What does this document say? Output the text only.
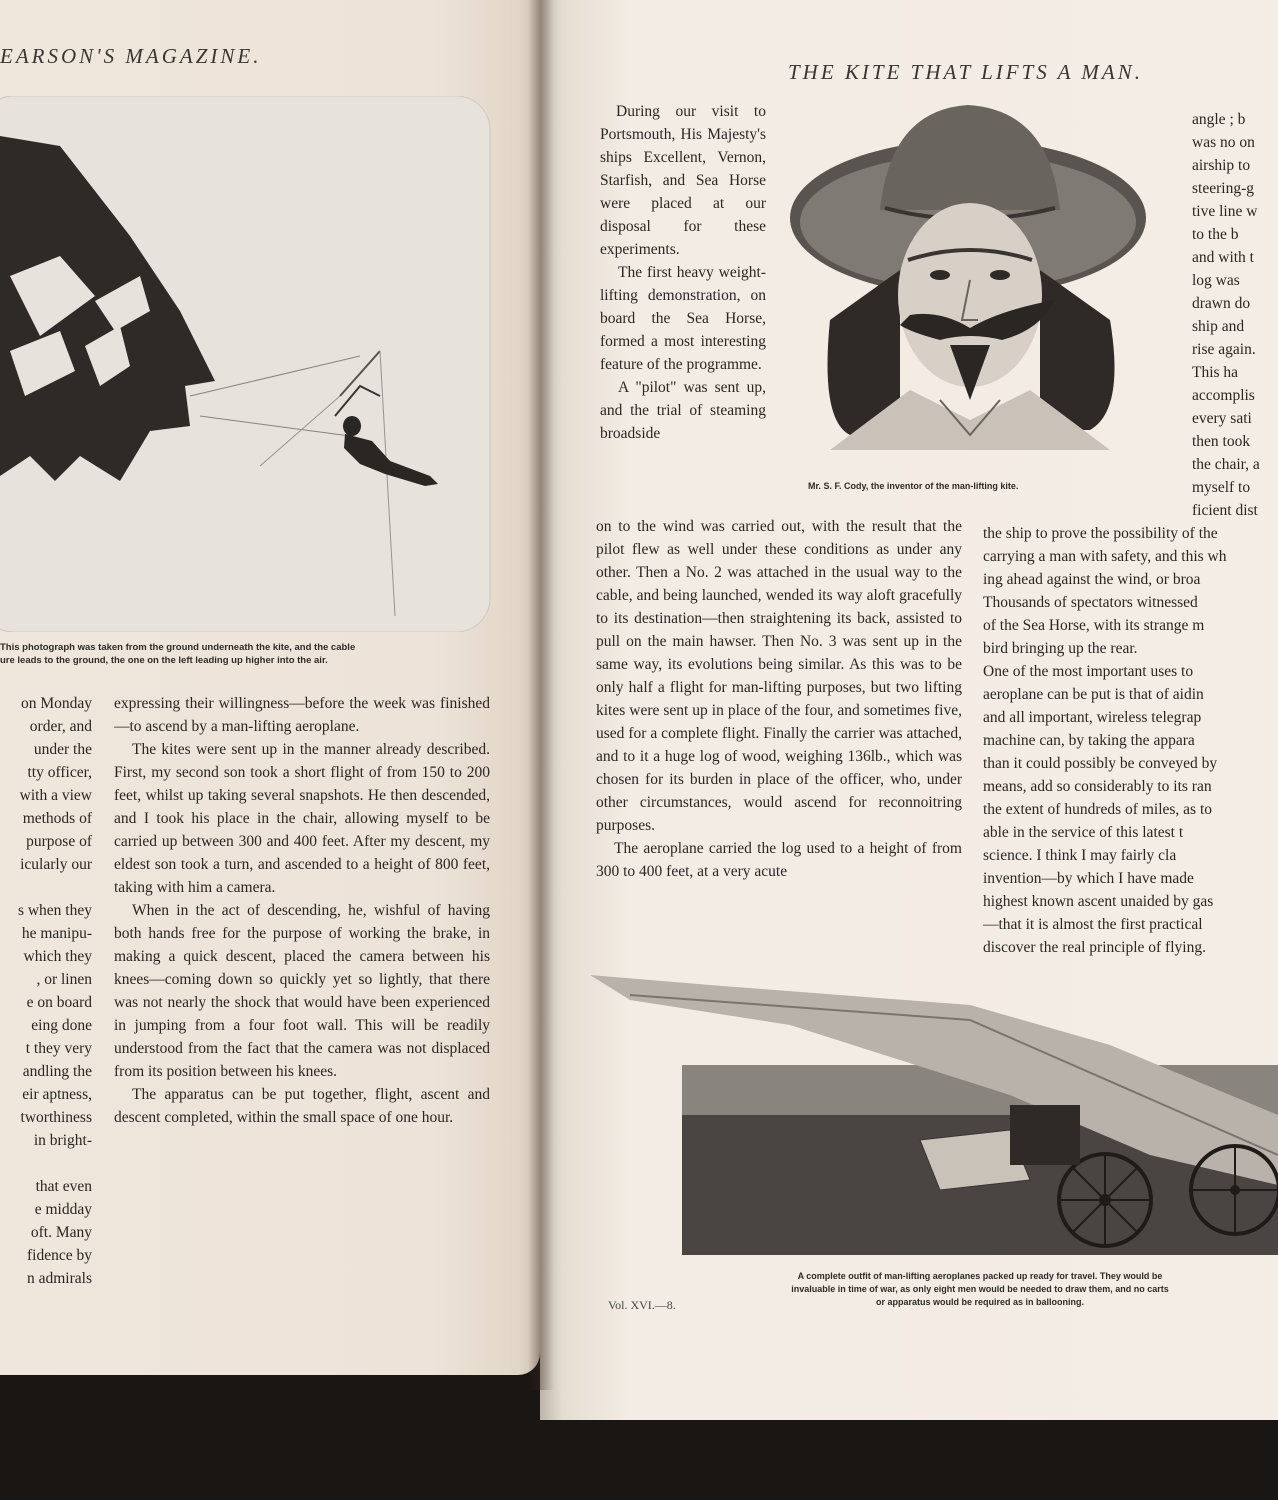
EARSON'S MAGAZINE.
This photograph was taken from the ground underneath the kite, and the cable
ure leads to the ground, the one on the left leading up higher into the air.
on Monday
order, and
under the
tty officer,
with a view
methods of
purpose of
icularly our

s when they
he manipu-
which they
, or linen
e on board
eing done
t they very
andling the
eir aptness,
tworthiness
in bright-

that even
e midday
oft. Many
fidence by
n admirals

expressing their willingness—before the week was finished—to ascend by a man-lifting aeroplane.

The kites were sent up in the manner already described. First, my second son took a short flight of from 150 to 200 feet, whilst up taking several snapshots. He then descended, and I took his place in the chair, allowing myself to be carried up between 300 and 400 feet. After my descent, my eldest son took a turn, and ascended to a height of 800 feet, taking with him a camera.

When in the act of descending, he, wishful of having both hands free for the purpose of working the brake, in making a quick descent, placed the camera between his knees—coming down so quickly yet so lightly, that there was not nearly the shock that would have been experienced in jumping from a four foot wall. This will be readily understood from the fact that the camera was not displaced from its position between his knees.

The apparatus can be put together, flight, ascent and descent completed, within the small space of one hour.

THE KITE THAT LIFTS A MAN.

During our visit to Portsmouth, His Majesty's ships Excellent, Vernon, Starfish, and Sea Horse were placed at our disposal for these experiments.

The first heavy weight-lifting demonstration, on board the Sea Horse, formed a most interesting feature of the programme.

A "pilot" was sent up, and the trial of steaming broadside

Mr. S. F. Cody, the inventor of the man-lifting kite.
angle ; b
was no on
airship to
steering-g
tive line w
to the b
and with t
log was
drawn do
ship and
rise again.
This ha
accomplis
every sati
then took
the chair, a
myself to
ficient dist

on to the wind was carried out, with the result that the pilot flew as well under these conditions as under any other. Then a No. 2 was attached in the usual way to the cable, and being launched, wended its way aloft gracefully to its destination—then straightening its back, assisted to pull on the main hawser. Then No. 3 was sent up in the same way, its evolutions being similar. As this was to be only half a flight for man-lifting purposes, but two lifting kites were sent up in place of the four, and sometimes five, used for a complete flight. Finally the carrier was attached, and to it a huge log of wood, weighing 136lb., which was chosen for its burden in place of the officer, who, under other circumstances, would ascend for reconnoitring purposes.

The aeroplane carried the log used to a height of from 300 to 400 feet, at a very acute

the ship to prove the possibility of the
carrying a man with safety, and this wh
ing ahead against the wind, or broa
Thousands of spectators witnessed
of the Sea Horse, with its strange m
bird bringing up the rear.
One of the most important uses to
aeroplane can be put is that of aidin
and all important, wireless telegrap
machine can, by taking the appara
than it could possibly be conveyed by
means, add so considerably to its ran
the extent of hundreds of miles, as to
able in the service of this latest t
science. I think I may fairly cla
invention—by which I have made
highest known ascent unaided by gas
—that it is almost the first practical
discover the real principle of flying.
A complete outfit of man-lifting aeroplanes packed up ready for travel. They would be
invaluable in time of war, as only eight men would be needed to draw them, and no carts
or apparatus would be required as in ballooning.
Vol. XVI.—8.
